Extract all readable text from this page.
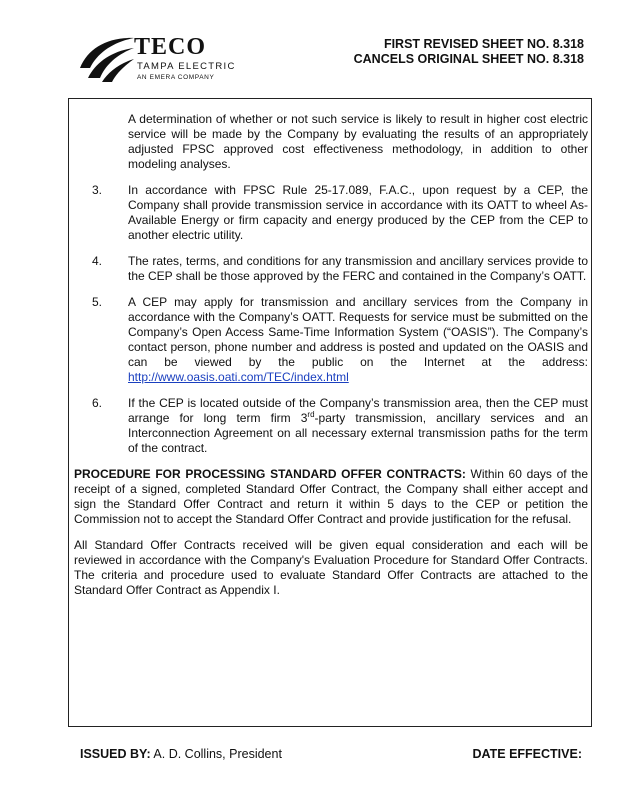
TECO
TAMPA ELECTRIC
AN EMERA COMPANY
FIRST REVISED SHEET NO. 8.318
CANCELS ORIGINAL SHEET NO. 8.318

A determination of whether or not such service is likely to result in higher cost electric service will be made by the Company by evaluating the results of an appropriately adjusted FPSC approved cost effectiveness methodology, in addition to other modeling analyses.

3.	In accordance with FPSC Rule 25-17.089, F.A.C., upon request by a CEP, the Company shall provide transmission service in accordance with its OATT to wheel As-Available Energy or firm capacity and energy produced by the CEP from the CEP to another electric utility.
4.	The rates, terms, and conditions for any transmission and ancillary services provide to the CEP shall be those approved by the FERC and contained in the Company’s OATT.
5.	A CEP may apply for transmission and ancillary services from the Company in accordance with the Company’s OATT. Requests for service must be submitted on the Company’s Open Access Same-Time Information System (“OASIS”). The Company’s contact person, phone number and address is posted and updated on the OASIS and can be viewed by the public on the Internet at the address: http://www.oasis.oati.com/TEC/index.html
6.	If the CEP is located outside of the Company’s transmission area, then the CEP must arrange for long term firm 3rd-party transmission, ancillary services and an Interconnection Agreement on all necessary external transmission paths for the term of the contract.

PROCEDURE FOR PROCESSING STANDARD OFFER CONTRACTS: Within 60 days of the receipt of a signed, completed Standard Offer Contract, the Company shall either accept and sign the Standard Offer Contract and return it within 5 days to the CEP or petition the Commission not to accept the Standard Offer Contract and provide justification for the refusal.

All Standard Offer Contracts received will be given equal consideration and each will be reviewed in accordance with the Company's Evaluation Procedure for Standard Offer Contracts. The criteria and procedure used to evaluate Standard Offer Contracts are attached to the Standard Offer Contract as Appendix I.

ISSUED BY: A. D. Collins, President	DATE EFFECTIVE:
